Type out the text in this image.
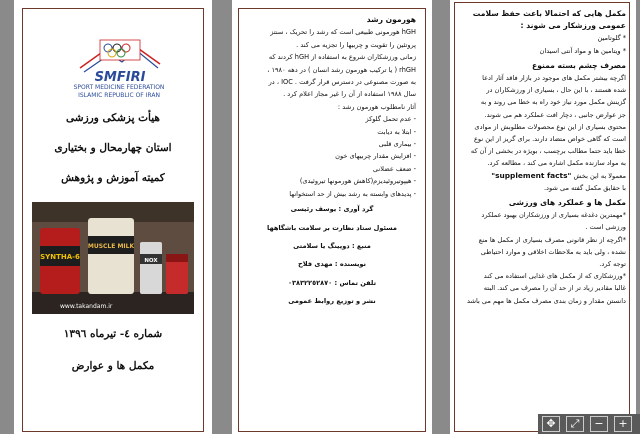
SMFIRI
SPORT MEDICINE FEDERATION
ISLAMIC REPUBLIC OF IRAN
هیأت پزشکی ورزشی
استان چهارمحال و بختیاری
کمیته آموزش و پژوهش
SYNTHA-6
MUSCLE MILK
NOX
www.takandam.ir
شماره ٤- تیرماه ١٣٩٦
مکمل ها و عوارض
هورمون رشد
hGH هورمونی طبیعی است که رشد را تحریک ، سنتز
پروتئین را تقویت و چربیها را تجزیه می کند .
زمانی ورزشکاران شروع به استفاده از hGH کردند که
rhGH ( یا ترکیب هورمون رشد انسان ) در دهه ۱۹۸۰ ،
به صورت مصنوعی در دسترس قرار گرفت . IOC ، در
سال ۱۹۸۸ استفاده از آن را غیر مجاز اعلام کرد .
آثار نامطلوب هورمون رشد :
- عدم تحمل گلوکز
- ابتلا به دیابت
- بیماری قلبی
- افزایش مقدار چربیهای خون
- ضعف عضلانی
- هیپوتیروئیدیزم(کاهش هورمونها تیروئیدی)
- پدیدهای وابسته به رشد بیش از حد استخوانها
گرد آوری : یوسف رئیسی
مسئول ستاد نظارت بر سلامت باشگاهها
منبع : دوپینگ یا سلامتی
نویسنده : مهدی فلاح
تلفن تماس : ٠٣٨٣٢٢٥٢٨٧٠
نشر و توزیع روابط عمومی
مکمل هایی که احتمالا باعث حفظ سلامت عمومی ورزشکار می شوند :
* گلوتامین
* ویتامین ها و مواد آنتی اسیدان
مصرف چشم بسته ممنوع
اگرچه بیشتر مکمل های موجود در بازار فاقد آثار ادعا
شده هستند ، با این حال ، بسیاری از ورزشکاران در
گزینش مکمل مورد نیاز خود راه به خطا می روند و به
جز عوارض جانبی ، دچار افت عملکرد هم می شوند.
محتوی بسیاری از این نوع محصولات مطلوبش از موادی
است که گاهی خواص متضاد دارند. برای گریز از این نوع
خطا باید حتما مطالب برچسب ، بویژه در بخشی از آن که
به مواد سازنده مکمل اشاره می کند ، مطالعه کرد.
معمولا به این بخش "supplement facts"
با حقایق مکمل گفته می شود.
مکمل ها و عملکرد های ورزشی
*مهمترین دغدغه بسیاری از ورزشکاران بهبود عملکرد
ورزشی است .
*اگرچه از نظر قانونی مصرف بسیاری از مکمل ها منع
نشده ، ولی باید به ملاحظات اخلاقی و موارد احتیاطی
توجه کرد.
*ورزشکاری که از مکمل های غذایی استفاده می کند
غالبا مقادیر زیاد تر از حد آن را مصرف می کند. البته
دانستن مقدار و زمان بندی مصرف مکمل ها مهم می باشد
✥	⤢	−	+
